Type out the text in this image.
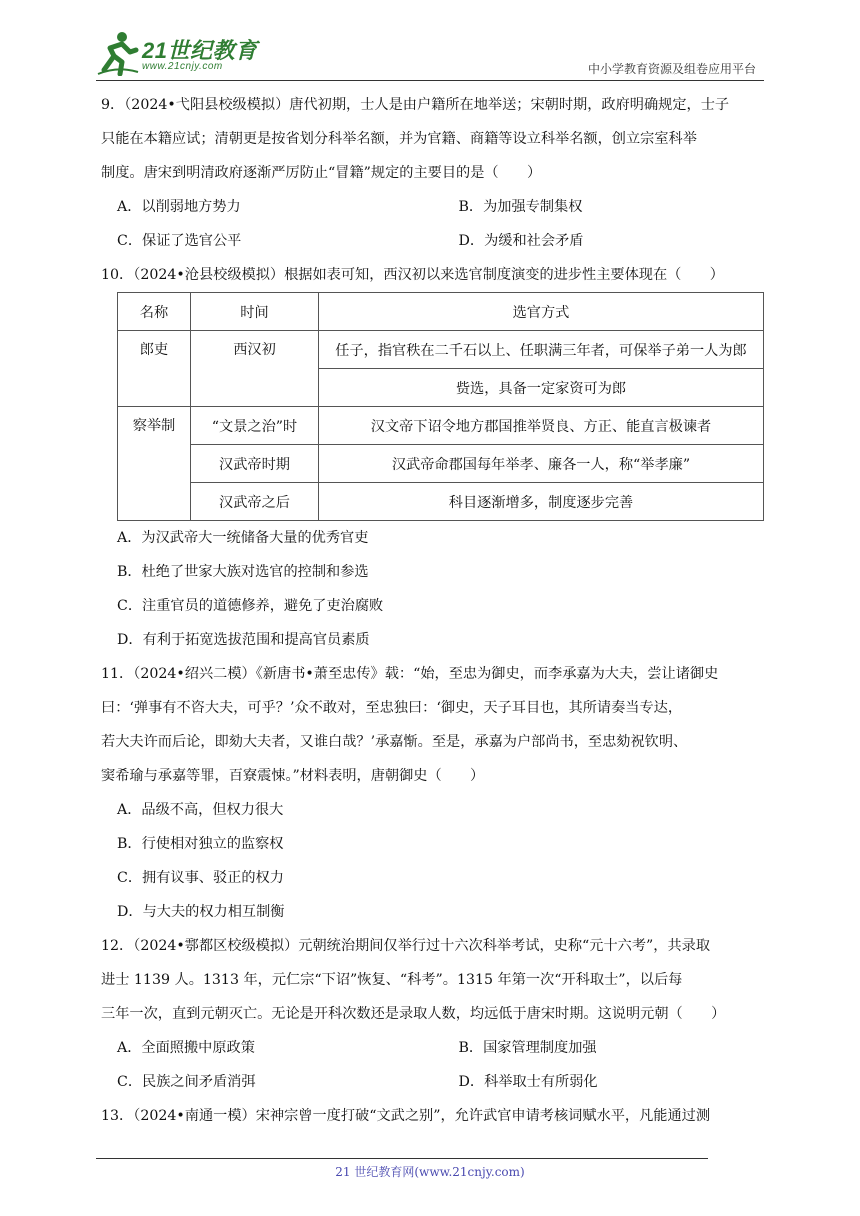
21世纪教育
www.21cnjy.com	中小学教育资源及组卷应用平台

9．（2024•弋阳县校级模拟）唐代初期，士人是由户籍所在地举送；宋朝时期，政府明确规定，士子

只能在本籍应试；清朝更是按省划分科举名额，并为官籍、商籍等设立科举名额，创立宗室科举

制度。唐宋到明清政府逐渐严厉防止“冒籍”规定的主要目的是（　　）

A．以削弱地方势力	B．为加强专制集权
C．保证了选官公平	D．为缓和社会矛盾

10．（2024•沧县校级模拟）根据如表可知，西汉初以来选官制度演变的进步性主要体现在（　　）

名称	时间	选官方式
郎吏	西汉初	任子，指官秩在二千石以上、任职满三年者，可保举子弟一人为郎
		赀选，具备一定家资可为郎
察举制	“文景之治”时	汉文帝下诏令地方郡国推举贤良、方正、能直言极谏者
	汉武帝时期	汉武帝命郡国每年举孝、廉各一人，称“举孝廉”
	汉武帝之后	科目逐渐增多，制度逐步完善
A．为汉武帝大一统储备大量的优秀官吏
B．杜绝了世家大族对选官的控制和参选
C．注重官员的道德修养，避免了吏治腐败
D．有利于拓宽选拔范围和提高官员素质

11．（2024•绍兴二模）《新唐书•萧至忠传》载：“始，至忠为御史，而李承嘉为大夫，尝让诸御史

曰：‘弹事有不咨大夫，可乎？’众不敢对，至忠独曰：‘御史，天子耳目也，其所请奏当专达，

若大夫许而后论，即劾大夫者，又谁白哉？’承嘉惭。至是，承嘉为户部尚书，至忠劾祝钦明、

窦希瑜与承嘉等罪，百寮震悚。”材料表明，唐朝御史（　　）

A．品级不高，但权力很大
B．行使相对独立的监察权
C．拥有议事、驳正的权力
D．与大夫的权力相互制衡

12．（2024•鄠都区校级模拟）元朝统治期间仅举行过十六次科举考试，史称“元十六考”，共录取

进士 1139 人。1313 年，元仁宗“下诏”恢复、“科考”。1315 年第一次“开科取士”，以后每

三年一次，直到元朝灭亡。无论是开科次数还是录取人数，均远低于唐宋时期。这说明元朝（　　）

A．全面照搬中原政策	B．国家管理制度加强
C．民族之间矛盾消弭	D．科举取士有所弱化

13．（2024•南通一模）宋神宗曾一度打破“文武之别”，允许武官申请考核词赋水平，凡能通过测

21 世纪教育网(www.21cnjy.com)
